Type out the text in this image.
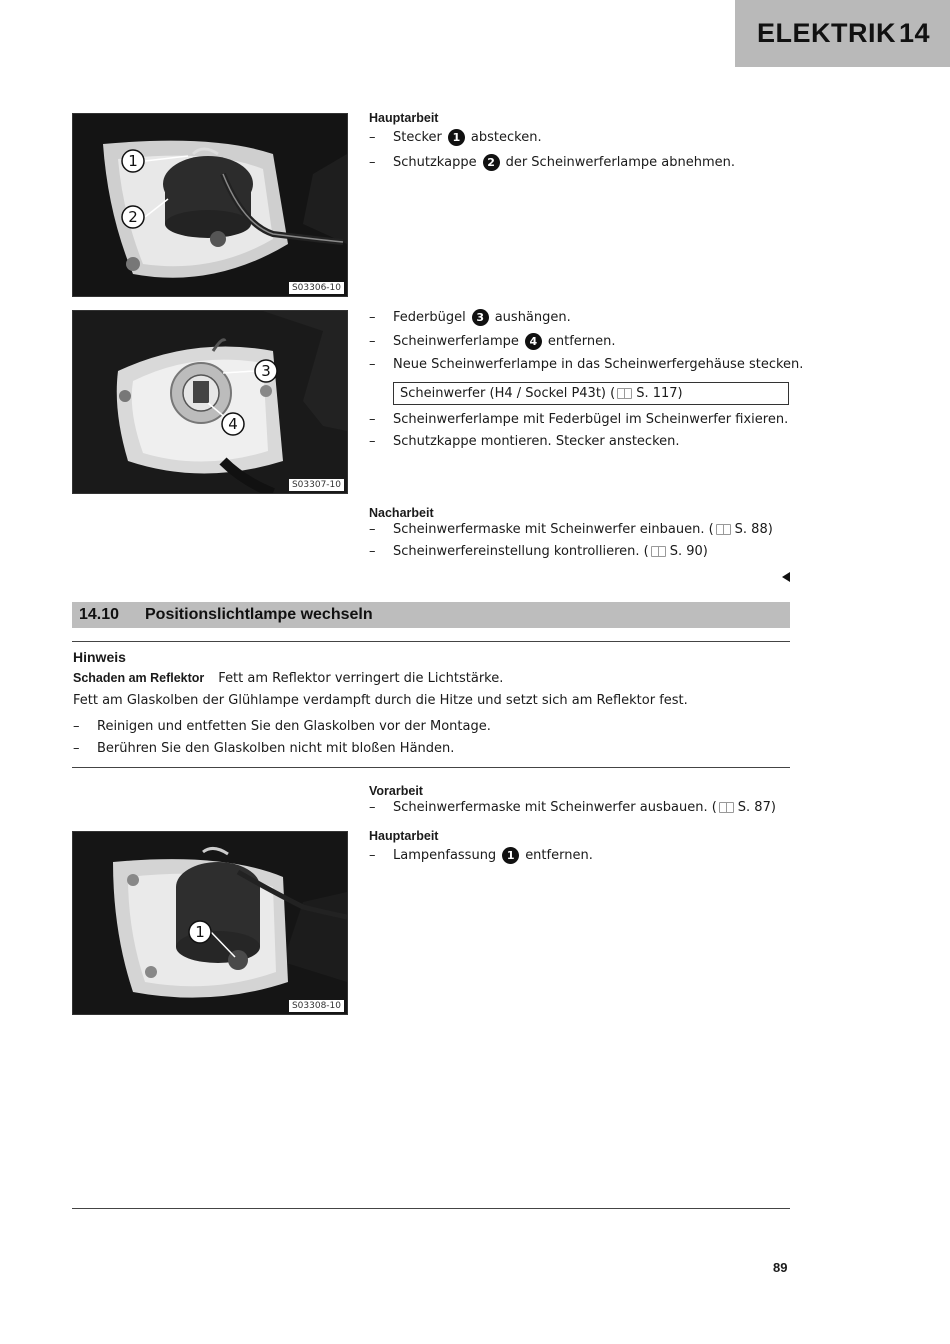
ELEKTRIK 14
1
2
S03306-10
Hauptarbeit
–	Stecker 1 abstecken.
–	Schutzkappe 2 der Scheinwerferlampe abnehmen.
3
4
S03307-10
–	Federbügel 3 aushängen.
–	Scheinwerferlampe 4 entfernen.
–	Neue Scheinwerferlampe in das Scheinwerfergehäuse stecken.
Scheinwerfer (H4 / Sockel P43t) ( S. 117)
–	Scheinwerferlampe mit Federbügel im Scheinwerfer fixieren.
–	Schutzkappe montieren. Stecker anstecken.
Nacharbeit
–	Scheinwerfermaske mit Scheinwerfer einbauen. ( S. 88)
–	Scheinwerfereinstellung kontrollieren. ( S. 90)
14.10	Positionslichtlampe wechseln
Hinweis
Schaden am Reflektor Fett am Reflektor verringert die Lichtstärke.
Fett am Glaskolben der Glühlampe verdampft durch die Hitze und setzt sich am Reflektor fest.
–	Reinigen und entfetten Sie den Glaskolben vor der Montage.
–	Berühren Sie den Glaskolben nicht mit bloßen Händen.
Vorarbeit
–	Scheinwerfermaske mit Scheinwerfer ausbauen. ( S. 87)
Hauptarbeit
–	Lampenfassung 1 entfernen.
1
S03308-10
89
